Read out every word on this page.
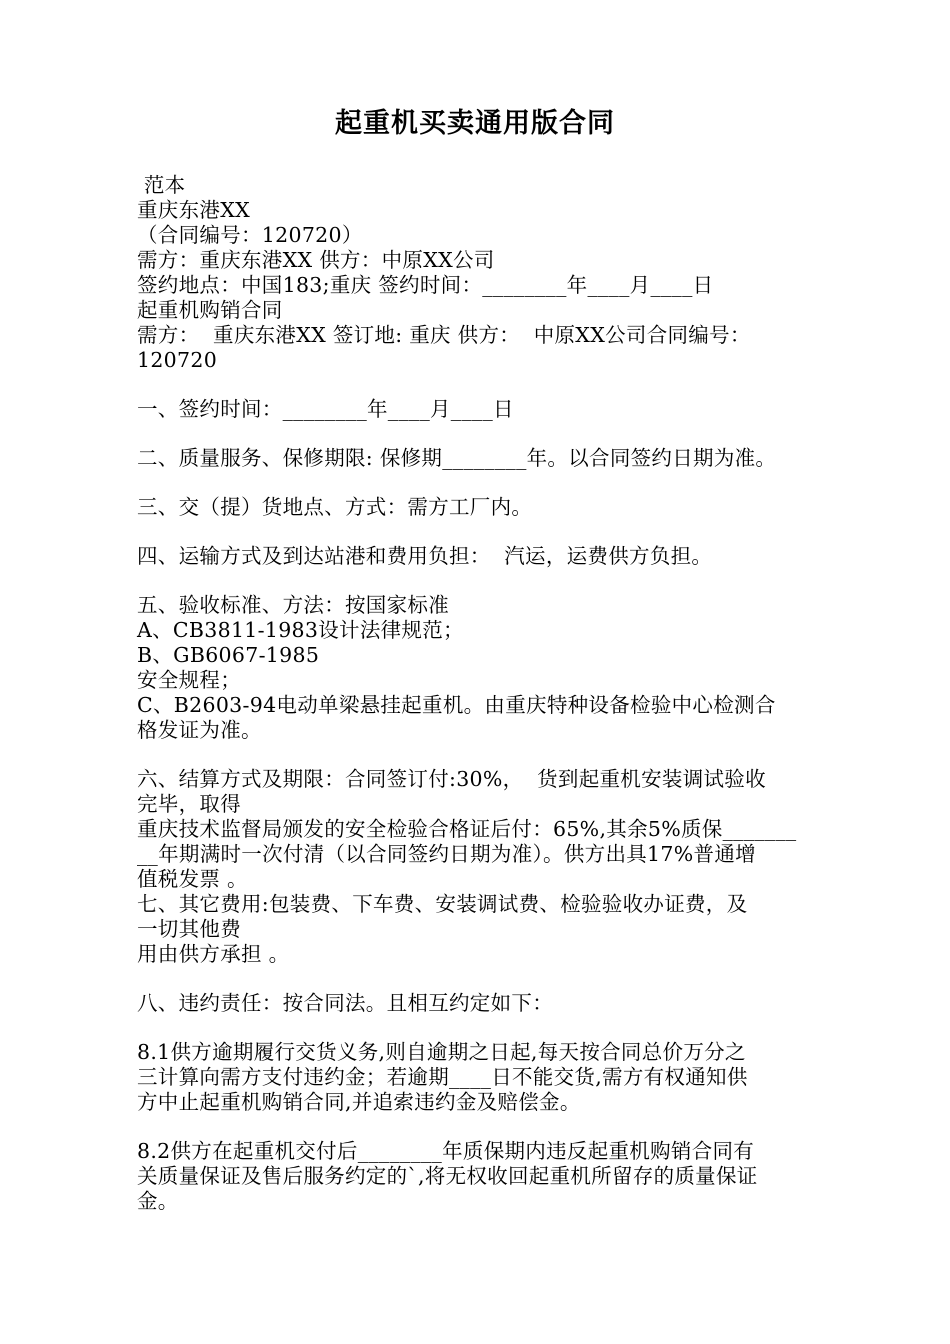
起重机买卖通用版合同
范本
重庆东港XX
（合同编号：120720）
需方：重庆东港XX 供方：中原XX公司
签约地点：中国183;重庆 签约时间：________年____月____日
起重机购销合同
需方：  重庆东港XX 签订地: 重庆 供方：  中原XX公司合同编号：
120720
一、签约时间：________年____月____日
二、质量服务、保修期限: 保修期________年。以合同签约日期为准。
三、交（提）货地点、方式：需方工厂内。
四、运输方式及到达站港和费用负担：  汽运，运费供方负担。
五、验收标准、方法：按国家标准
A、CB3811-1983设计法律规范；
B、GB6067-1985
安全规程；
C、B2603-94电动单梁悬挂起重机。由重庆特种设备检验中心检测合
格发证为准。
六、结算方式及期限：合同签订付:30%，  货到起重机安装调试验收
完毕，取得
重庆技术监督局颁发的安全检验合格证后付：65%,其余5%质保_______
__年期满时一次付清（以合同签约日期为准）。供方出具17%普通增
值税发票 。
七、其它费用:包装费、下车费、安装调试费、检验验收办证费，及
一切其他费
用由供方承担 。
八、违约责任：按合同法。且相互约定如下：
8.1供方逾期履行交货义务,则自逾期之日起,每天按合同总价万分之
三计算向需方支付违约金；若逾期____日不能交货,需方有权通知供
方中止起重机购销合同,并追索违约金及赔偿金。
8.2供方在起重机交付后________年质保期内违反起重机购销合同有
关质量保证及售后服务约定的`,将无权收回起重机所留存的质量保证
金。
